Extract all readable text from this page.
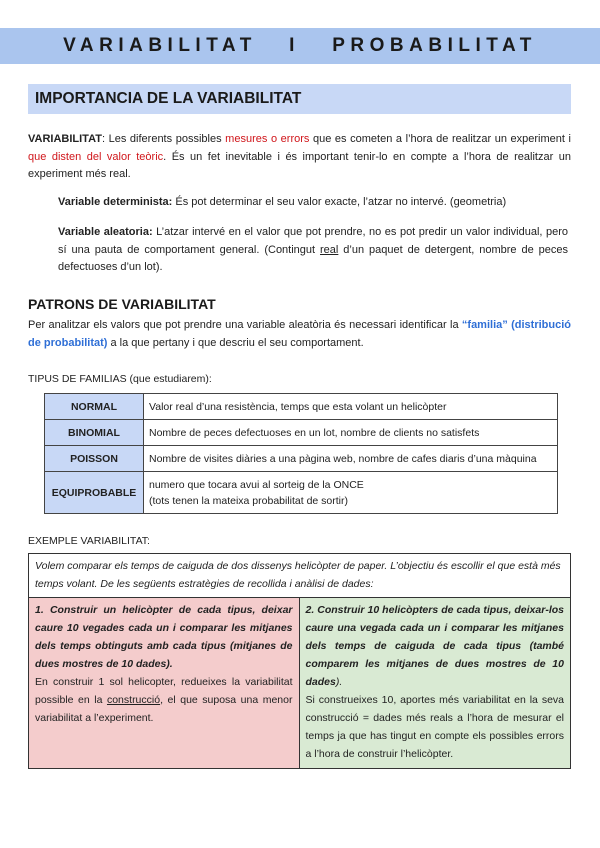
VARIABILITAT   I   PROBABILITAT
IMPORTANCIA DE LA VARIABILITAT
VARIABILITAT: Les diferents possibles mesures o errors que es cometen a l’hora de realitzar un experiment i que disten del valor teòric. És un fet inevitable i és important tenir-lo en compte a l’hora de realitzar un experiment més real.
Variable determinista: És pot determinar el seu valor exacte, l’atzar no intervé. (geometria)
Variable aleatoria: L’atzar intervé en el valor que pot prendre, no es pot predir un valor individual, pero sí una pauta de comportament general. (Contingut real d’un paquet de detergent, nombre de peces defectuoses d’un lot).
PATRONS DE VARIABILITAT
Per analitzar els valors que pot prendre una variable aleatòria és necessari identificar la “familia” (distribució de probabilitat) a la que pertany i que descriu el seu comportament.
TIPUS DE FAMILIAS (que estudiarem):
NORMAL	Valor real d’una resistència, temps que esta volant un helicòpter
BINOMIAL	Nombre de peces defectuoses en un lot, nombre de clients no satisfets
POISSON	Nombre de visites diàries a una pàgina web, nombre de cafes diaris d’una màquina
EQUIPROBABLE	numero que tocara avui al sorteig de la ONCE
(tots tenen la mateixa probabilitat de sortir)
EXEMPLE VARIABILITAT:
Volem comparar els temps de caiguda de dos dissenys helicòpter de paper. L’objectiu és escollir el que està més temps volant. De les següents estratègies de recollida i anàlisi de dades:
1. Construir un helicòpter de cada tipus, deixar caure 10 vegades cada un i comparar les mitjanes dels temps obtinguts amb cada tipus (mitjanes de dues mostres de 10 dades).
En construir 1 sol helicopter, redueixes la variabilitat possible en la construcció, el que suposa una menor variabilitat a l’experiment.
2. Construir 10 helicòpters de cada tipus, deixar-los caure una vegada cada un i comparar les mitjanes dels temps de caiguda de cada tipus (també comparem les mitjanes de dues mostres de 10 dades).
Si construeixes 10, aportes més variabilitat en la seva construcció = dades més reals a l’hora de mesurar el temps ja que has tingut en compte els possibles errors a l’hora de construir l’helicòpter.
